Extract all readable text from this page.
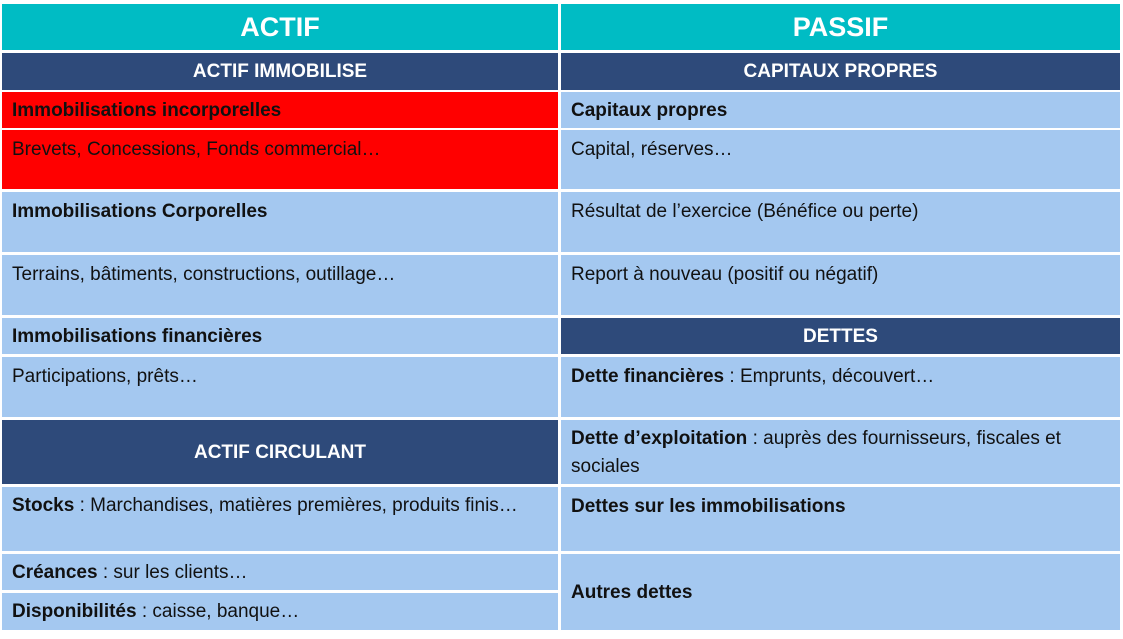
ACTIF	PASSIF
ACTIF IMMOBILISE
Immobilisations incorporelles
Brevets, Concessions, Fonds commercial…
Immobilisations Corporelles
Terrains, bâtiments, constructions, outillage…
Immobilisations financières
Participations, prêts…
ACTIF CIRCULANT
Stocks : Marchandises, matières premières, produits finis…
Créances : sur les clients…
Disponibilités : caisse, banque…
CAPITAUX PROPRES
Capitaux propres
Capital, réserves…
Résultat de l’exercice (Bénéfice ou perte)
Report à nouveau (positif ou négatif)
DETTES
Dette financières : Emprunts, découvert…
Dette d’exploitation : auprès des fournisseurs, fiscales et sociales
Dettes sur les immobilisations
Autres dettes
